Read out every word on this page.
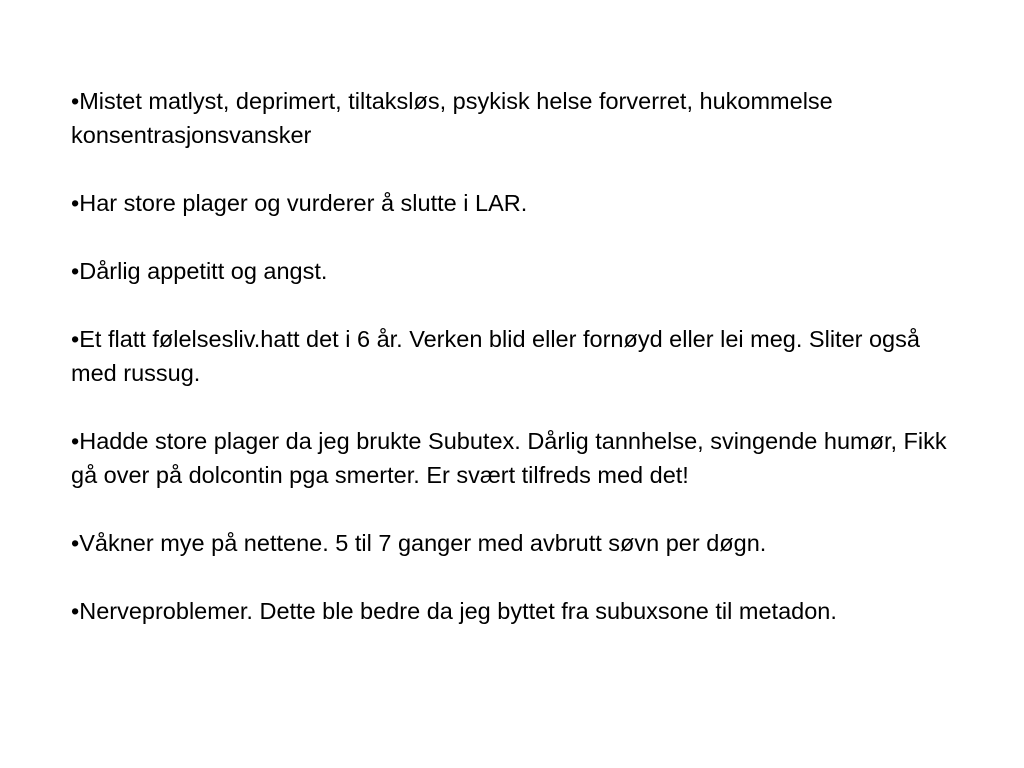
•Mistet matlyst, deprimert, tiltaksløs, psykisk helse forverret, hukommelse konsentrasjonsvansker
•Har store plager og vurderer å slutte i LAR.
•Dårlig appetitt og angst.
•Et flatt følelsesliv.hatt det i 6 år. Verken blid eller fornøyd eller lei meg. Sliter også med russug.
•Hadde store plager da jeg brukte Subutex. Dårlig tannhelse, svingende humør, Fikk gå over på dolcontin pga smerter. Er svært tilfreds med det!
•Våkner mye på nettene. 5 til 7 ganger med avbrutt søvn per døgn.
•Nerveproblemer. Dette ble bedre da jeg byttet fra subuxsone til metadon.
